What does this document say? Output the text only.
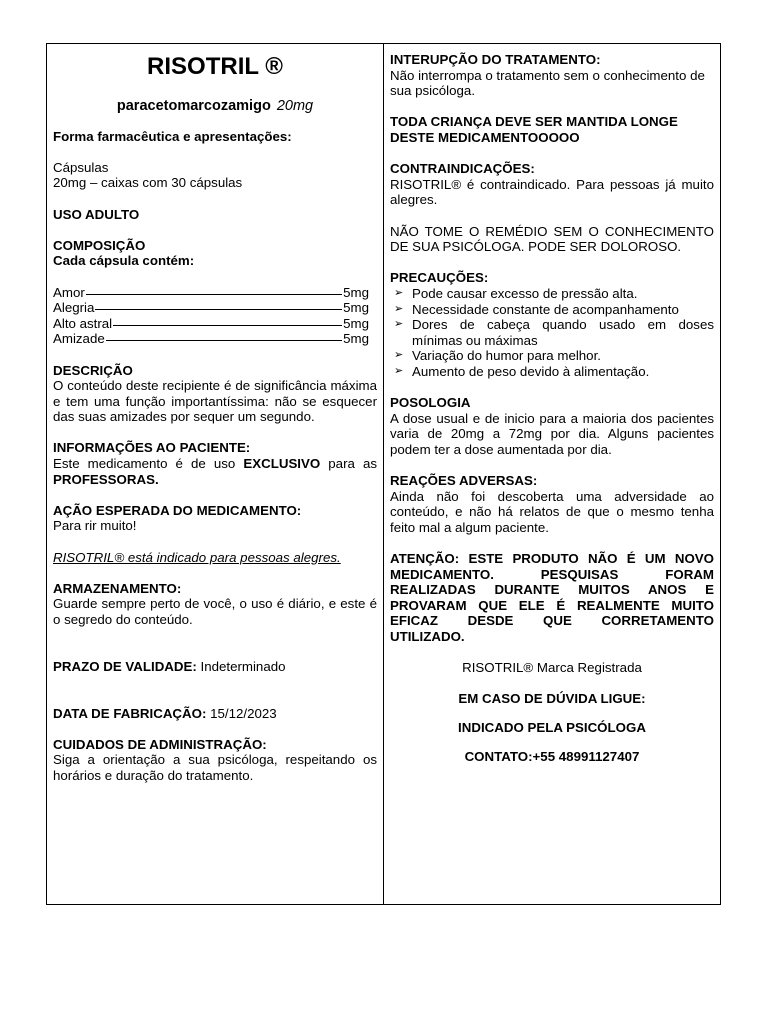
RISOTRIL ®

paracetomarcozamigo 20mg

Forma farmacêutica e apresentações:

Cápsulas

20mg – caixas com 30 cápsulas

USO ADULTO

COMPOSIÇÃO

Cada cápsula contém:

Amor	5mg
Alegria	5mg
Alto astral	5mg
Amizade	5mg

DESCRIÇÃO

O conteúdo deste recipiente é de significância máxima e tem uma função importantíssima: não se esquecer das suas amizades por sequer um segundo.

INFORMAÇÕES AO PACIENTE:

Este medicamento é de uso EXCLUSIVO para as PROFESSORAS.

AÇÃO ESPERADA DO MEDICAMENTO:

Para rir muito!

RISOTRIL® está indicado para pessoas alegres.

ARMAZENAMENTO:

Guarde sempre perto de você, o uso é diário, e este é o segredo do conteúdo.

PRAZO DE VALIDADE: Indeterminado

DATA DE FABRICAÇÃO: 15/12/2023

CUIDADOS DE ADMINISTRAÇÃO:

Siga a orientação a sua psicóloga, respeitando os horários e duração do tratamento.

INTERUPÇÃO DO TRATAMENTO:

Não interrompa o tratamento sem o conhecimento de sua psicóloga.

TODA CRIANÇA DEVE SER MANTIDA LONGE DESTE MEDICAMENTOOOOO

CONTRAINDICAÇÕES:

RISOTRIL® é contraindicado. Para pessoas já muito alegres.

NÃO TOME O REMÉDIO SEM O CONHECIMENTO DE SUA PSICÓLOGA. PODE SER DOLOROSO.

PRECAUÇÕES:

➢ Pode causar excesso de pressão alta.
➢ Necessidade constante de acompanhamento
➢ Dores de cabeça quando usado em doses mínimas ou máximas
➢ Variação do humor para melhor.
➢ Aumento de peso devido à alimentação.

POSOLOGIA

A dose usual e de inicio para a maioria dos pacientes varia de 20mg a 72mg por dia. Alguns pacientes podem ter a dose aumentada por dia.

REAÇÕES ADVERSAS:

Ainda não foi descoberta uma adversidade ao conteúdo, e não há relatos de que o mesmo tenha feito mal a algum paciente.

ATENÇÃO: ESTE PRODUTO NÃO É UM NOVO MEDICAMENTO. PESQUISAS FORAM REALIZADAS DURANTE MUITOS ANOS E PROVARAM QUE ELE É REALMENTE MUITO EFICAZ DESDE QUE CORRETAMENTO UTILIZADO.

RISOTRIL® Marca Registrada

EM CASO DE DÚVIDA LIGUE:

INDICADO PELA PSICÓLOGA

CONTATO:+55 48991127407
